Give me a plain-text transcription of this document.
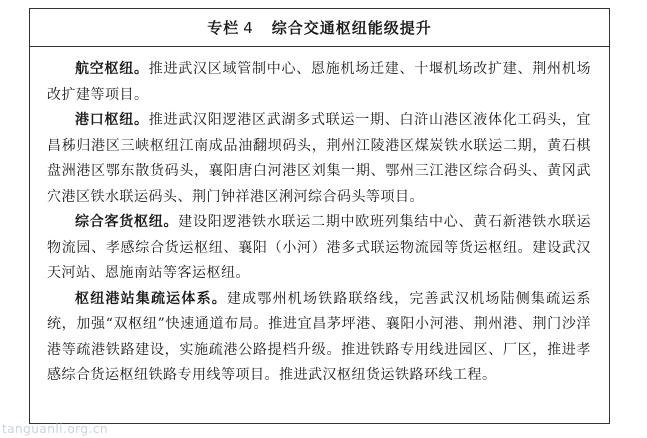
专栏 4 综合交通枢纽能级提升

航空枢纽。推进武汉区域管制中心、恩施机场迁建、十堰机场改扩建、荆州机场改扩建等项目。

港口枢纽。推进武汉阳逻港区武湖多式联运一期、白浒山港区液体化工码头，宜昌秭归港区三峡枢纽江南成品油翻坝码头，荆州江陵港区煤炭铁水联运二期，黄石棋盘洲港区鄂东散货码头，襄阳唐白河港区刘集一期、鄂州三江港区综合码头、黄冈武穴港区铁水联运码头、荆门钟祥港区浰河综合码头等项目。

综合客货枢纽。建设阳逻港铁水联运二期中欧班列集结中心、黄石新港铁水联运物流园、孝感综合货运枢纽、襄阳（小河）港多式联运物流园等货运枢纽。建设武汉天河站、恩施南站等客运枢纽。

枢纽港站集疏运体系。建成鄂州机场铁路联络线，完善武汉机场陆侧集疏运系统，加强“双枢纽”快速通道布局。推进宜昌茅坪港、襄阳小河港、荆州港、荆门沙洋港等疏港铁路建设，实施疏港公路提档升级。推进铁路专用线进园区、厂区，推进孝感综合货运枢纽铁路专用线等项目。推进武汉枢纽货运铁路环线工程。

tanguanli.org.cn
